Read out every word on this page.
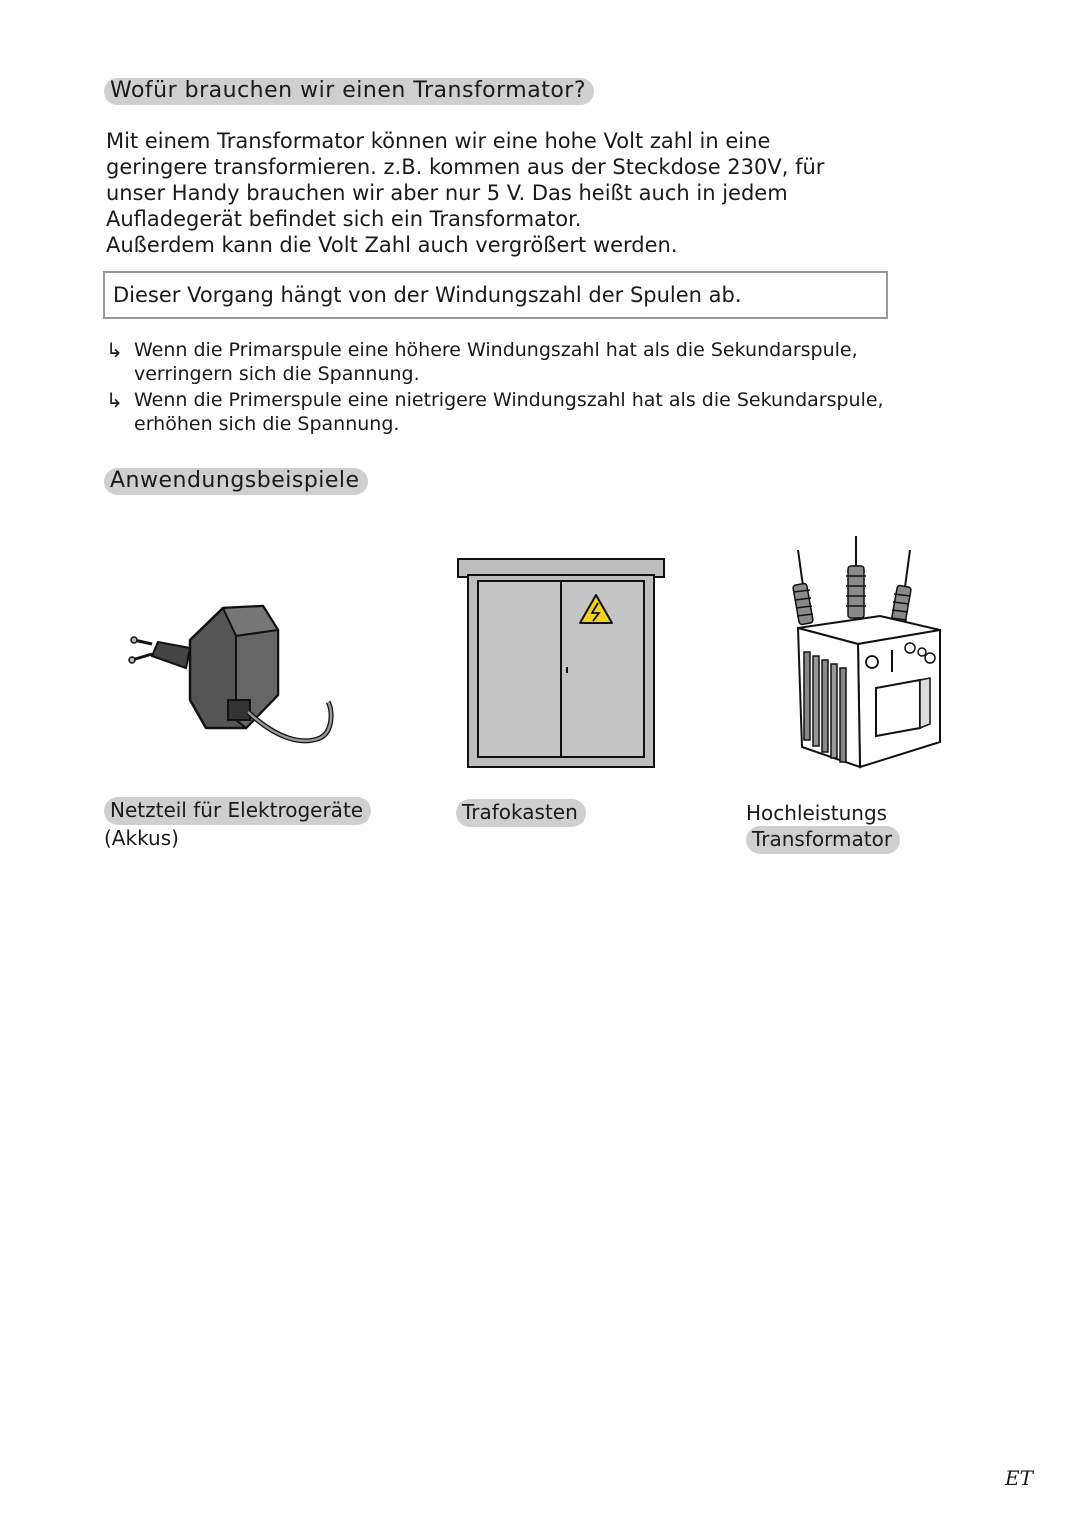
Wofür brauchen wir einen Transformator?
Mit einem Transformator können wir eine hohe Volt zahl in eine
geringere transformieren. z.B. kommen aus der Steckdose 230V, für
unser Handy brauchen wir aber nur 5 V. Das heißt auch in jedem
Aufladegerät befindet sich ein Transformator.
Außerdem kann die Volt Zahl auch vergrößert werden.
Dieser Vorgang hängt von der Windungszahl der Spulen ab.
↳ Wenn die Primarspule eine höhere Windungszahl hat als die Sekundarspule,
verringern sich die Spannung.
↳ Wenn die Primerspule eine nietrigere Windungszahl hat als die Sekundarspule,
erhöhen sich die Spannung.
Anwendungsbeispiele
Netzteil für Elektrogeräte
(Akkus)
Trafokasten	Hochleistungs
Transformator
ET
